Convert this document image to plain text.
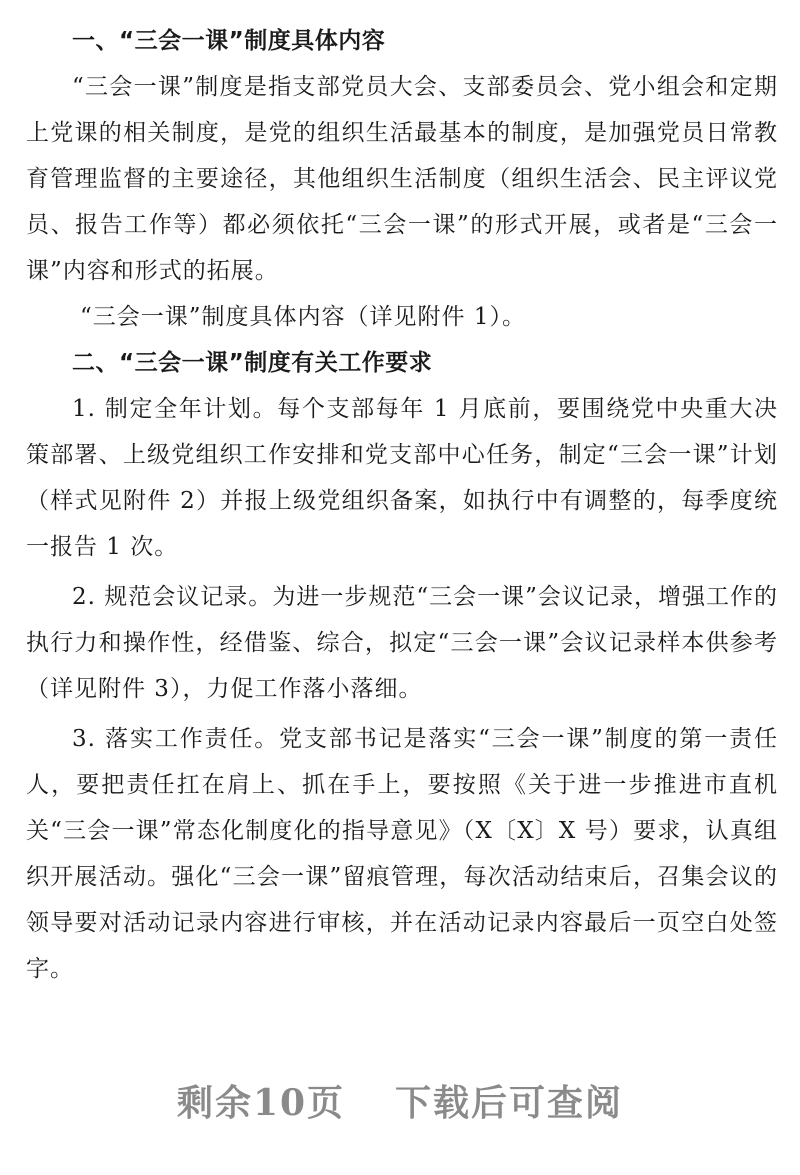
一、“三会一课”制度具体内容

“三会一课”制度是指支部党员大会、支部委员会、党小组会和定期上党课的相关制度，是党的组织生活最基本的制度，是加强党员日常教育管理监督的主要途径，其他组织生活制度（组织生活会、民主评议党员、报告工作等）都必须依托“三会一课”的形式开展，或者是“三会一课”内容和形式的拓展。

“三会一课”制度具体内容（详见附件 1）。

二、“三会一课”制度有关工作要求

1. 制定全年计划。每个支部每年 1 月底前，要围绕党中央重大决策部署、上级党组织工作安排和党支部中心任务，制定“三会一课”计划（样式见附件 2）并报上级党组织备案，如执行中有调整的，每季度统一报告 1 次。

2. 规范会议记录。为进一步规范“三会一课”会议记录，增强工作的执行力和操作性，经借鉴、综合，拟定“三会一课”会议记录样本供参考（详见附件 3），力促工作落小落细。

3. 落实工作责任。党支部书记是落实“三会一课”制度的第一责任人，要把责任扛在肩上、抓在手上，要按照《关于进一步推进市直机关“三会一课”常态化制度化的指导意见》（X〔X〕X 号）要求，认真组织开展活动。强化“三会一课”留痕管理，每次活动结束后，召集会议的领导要对活动记录内容进行审核，并在活动记录内容最后一页空白处签字。

剩余10页 下载后可查阅
